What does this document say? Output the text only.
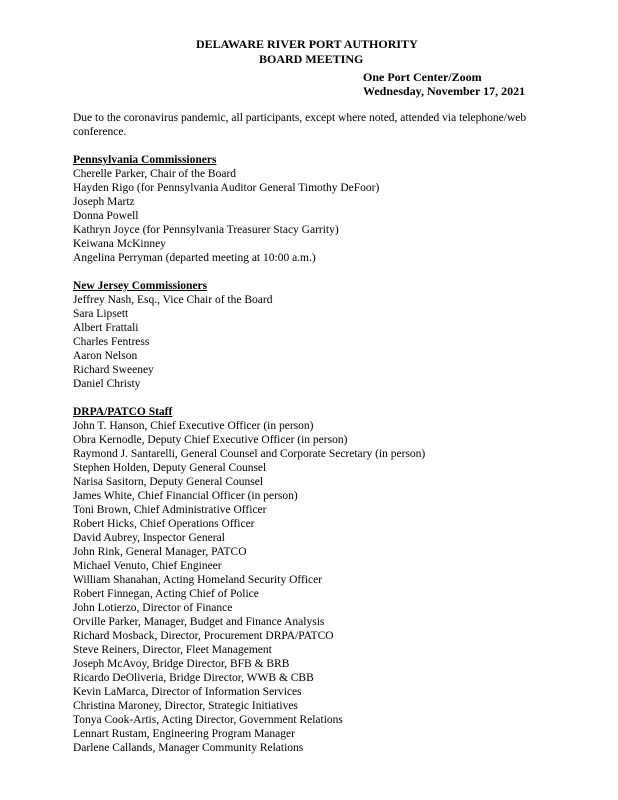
DELAWARE RIVER PORT AUTHORITY
BOARD MEETING
One Port Center/Zoom
Wednesday, November 17, 2021
Due to the coronavirus pandemic, all participants, except where noted, attended via telephone/web conference.
Pennsylvania Commissioners
Cherelle Parker, Chair of the Board
Hayden Rigo (for Pennsylvania Auditor General Timothy DeFoor)
Joseph Martz
Donna Powell
Kathryn Joyce (for Pennsylvania Treasurer Stacy Garrity)
Keiwana McKinney
Angelina Perryman (departed meeting at 10:00 a.m.)
New Jersey Commissioners
Jeffrey Nash, Esq., Vice Chair of the Board
Sara Lipsett
Albert Frattali
Charles Fentress
Aaron Nelson
Richard Sweeney
Daniel Christy
DRPA/PATCO Staff
John T. Hanson, Chief Executive Officer (in person)
Obra Kernodle, Deputy Chief Executive Officer (in person)
Raymond J. Santarelli, General Counsel and Corporate Secretary (in person)
Stephen Holden, Deputy General Counsel
Narisa Sasitorn, Deputy General Counsel
James White, Chief Financial Officer (in person)
Toni Brown, Chief Administrative Officer
Robert Hicks, Chief Operations Officer
David Aubrey, Inspector General
John Rink, General Manager, PATCO
Michael Venuto, Chief Engineer
William Shanahan, Acting Homeland Security Officer
Robert Finnegan, Acting Chief of Police
John Lotierzo, Director of Finance
Orville Parker, Manager, Budget and Finance Analysis
Richard Mosback, Director, Procurement DRPA/PATCO
Steve Reiners, Director, Fleet Management
Joseph McAvoy, Bridge Director, BFB & BRB
Ricardo DeOliveria, Bridge Director, WWB & CBB
Kevin LaMarca, Director of Information Services
Christina Maroney, Director, Strategic Initiatives
Tonya Cook-Artis, Acting Director, Government Relations
Lennart Rustam, Engineering Program Manager
Darlene Callands, Manager Community Relations
